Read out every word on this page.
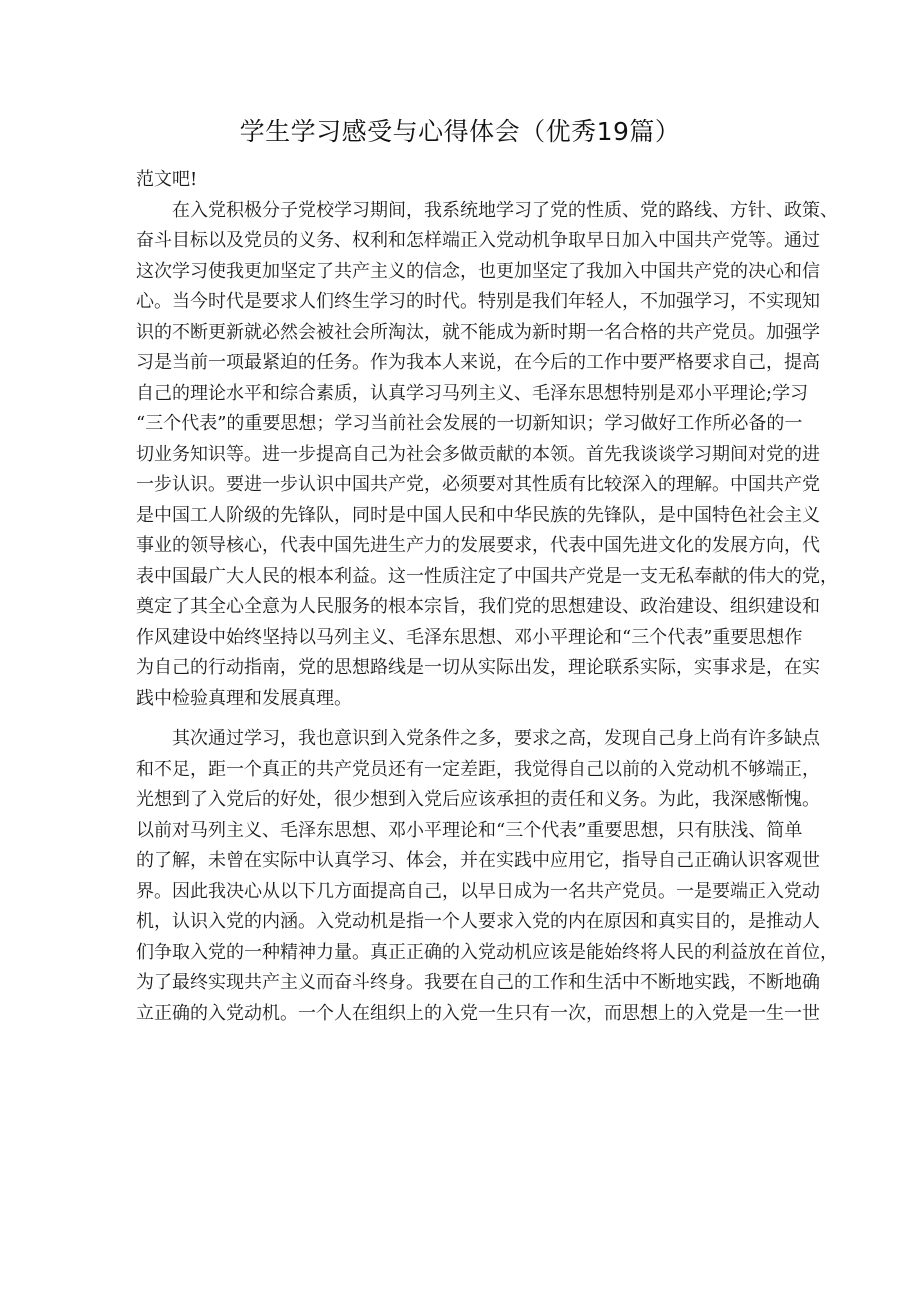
学生学习感受与心得体会（优秀19篇）
范文吧!
在 入 党 积 极 分 子 党 校 学 习 期 间 ， 我 系 统 地 学 习 了 党 的 性 质 、 党 的 路 线 、 方 针 、 政 策 、
奋 斗 目 标 以 及 党 员 的 义 务 、 权 利 和 怎 样 端 正 入 党 动 机 争 取 早 日 加 入 中 国 共 产 党 等 。 通 过
这 次 学 习 使 我 更 加 坚 定 了 共 产 主 义 的 信 念 ， 也 更 加 坚 定 了 我 加 入 中 国 共 产 党 的 决 心 和 信
心 。 当 今 时 代 是 要 求 人 们 终 生 学 习 的 时 代 。 特 别 是 我 们 年 轻 人 ， 不 加 强 学 习 ， 不 实 现 知
识 的 不 断 更 新 就 必 然 会 被 社 会 所 淘 汰 ， 就 不 能 成 为 新 时 期 一 名 合 格 的 共 产 党 员 。 加 强 学
习 是 当 前 一 项 最 紧 迫 的 任 务 。 作 为 我 本 人 来 说 ， 在 今 后 的 工 作 中 要 严 格 要 求 自 己 ， 提 高
自 己 的 理 论 水 平 和 综 合 素 质 ， 认 真 学 习 马 列 主 义 、 毛 泽 东 思 想 特 别 是 邓 小 平 理 论 ; 学 习
“ 三 个 代 表 ” 的 重 要 思 想 ； 学 习 当 前 社 会 发 展 的 一 切 新 知 识 ； 学 习 做 好 工 作 所 必 备 的 一
切 业 务 知 识 等 。 进 一 步 提 高 自 己 为 社 会 多 做 贡 献 的 本 领 。 首 先 我 谈 谈 学 习 期 间 对 党 的 进
一 步 认 识 。 要 进 一 步 认 识 中 国 共 产 党 ， 必 须 要 对 其 性 质 有 比 较 深 入 的 理 解 。 中 国 共 产 党
是 中 国 工 人 阶 级 的 先 锋 队 ， 同 时 是 中 国 人 民 和 中 华 民 族 的 先 锋 队 ， 是 中 国 特 色 社 会 主 义
事 业 的 领 导 核 心 ， 代 表 中 国 先 进 生 产 力 的 发 展 要 求 ， 代 表 中 国 先 进 文 化 的 发 展 方 向 ， 代
表 中 国 最 广 大 人 民 的 根 本 利 益 。 这 一 性 质 注 定 了 中 国 共 产 党 是 一 支 无 私 奉 献 的 伟 大 的 党 ，
奠 定 了 其 全 心 全 意 为 人 民 服 务 的 根 本 宗 旨 ， 我 们 党 的 思 想 建 设 、 政 治 建 设 、 组 织 建 设 和
作 风 建 设 中 始 终 坚 持 以 马 列 主 义 、 毛 泽 东 思 想 、 邓 小 平 理 论 和 “ 三 个 代 表 ” 重 要 思 想 作
为 自 己 的 行 动 指 南 ， 党 的 思 想 路 线 是 一 切 从 实 际 出 发 ， 理 论 联 系 实 际 ， 实 事 求 是 ， 在 实
践中检验真理和发展真理。
其 次 通 过 学 习 ， 我 也 意 识 到 入 党 条 件 之 多 ， 要 求 之 高 ， 发 现 自 己 身 上 尚 有 许 多 缺 点
和 不 足 ， 距 一 个 真 正 的 共 产 党 员 还 有 一 定 差 距 ， 我 觉 得 自 己 以 前 的 入 党 动 机 不 够 端 正 ，
光 想 到 了 入 党 后 的 好 处 ， 很 少 想 到 入 党 后 应 该 承 担 的 责 任 和 义 务 。 为 此 ， 我 深 感 惭 愧 。
以 前 对 马 列 主 义 、 毛 泽 东 思 想 、 邓 小 平 理 论 和 “ 三 个 代 表 ” 重 要 思 想 ， 只 有 肤 浅 、 简 单
的 了 解 ， 未 曾 在 实 际 中 认 真 学 习 、 体 会 ， 并 在 实 践 中 应 用 它 ， 指 导 自 己 正 确 认 识 客 观 世
界 。 因 此 我 决 心 从 以 下 几 方 面 提 高 自 己 ， 以 早 日 成 为 一 名 共 产 党 员 。 一 是 要 端 正 入 党 动
机 ， 认 识 入 党 的 内 涵 。 入 党 动 机 是 指 一 个 人 要 求 入 党 的 内 在 原 因 和 真 实 目 的 ， 是 推 动 人
们 争 取 入 党 的 一 种 精 神 力 量 。 真 正 正 确 的 入 党 动 机 应 该 是 能 始 终 将 人 民 的 利 益 放 在 首 位 ，
为 了 最 终 实 现 共 产 主 义 而 奋 斗 终 身 。 我 要 在 自 己 的 工 作 和 生 活 中 不 断 地 实 践 ， 不 断 地 确
立正确的入党动机。一个人在组织上的入党一生只有一次，而思想上的入党是一生一世
